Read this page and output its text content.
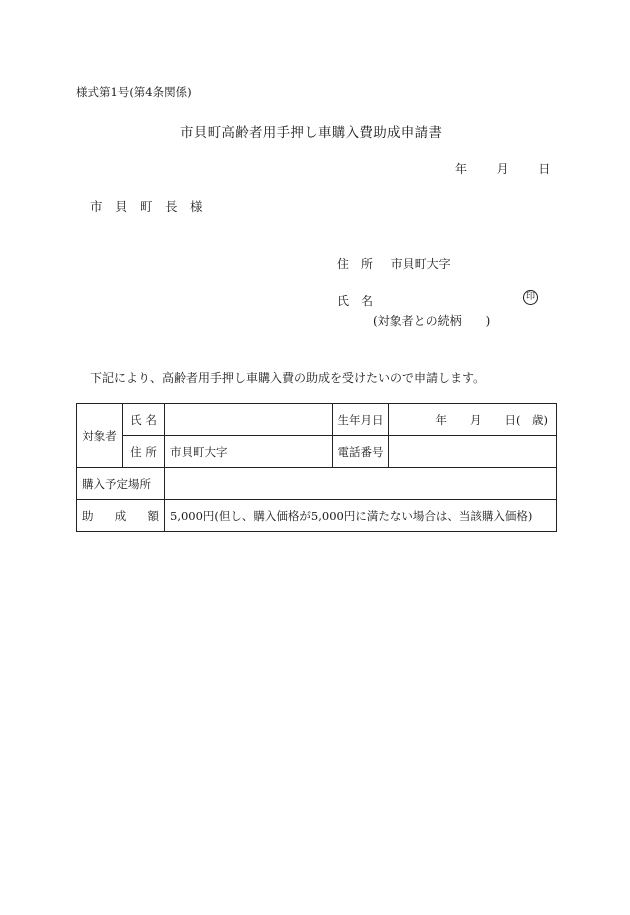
様式第1号(第4条関係)
市貝町高齢者用手押し車購入費助成申請書
年 月 日
市　貝　町　長　様
住　所 市貝町大字
氏　名	印
(対象者との続柄　　)
下記により、高齢者用手押し車購入費の助成を受けたいので申請します。
対象者	氏 名		生年月日	年　　月　　日(　歳)
	住 所	市貝町大字	電話番号	
購入予定場所				

助 成 額		5,000円(但し、購入価格が5,000円に満たない場合は、当該購入価格)		
